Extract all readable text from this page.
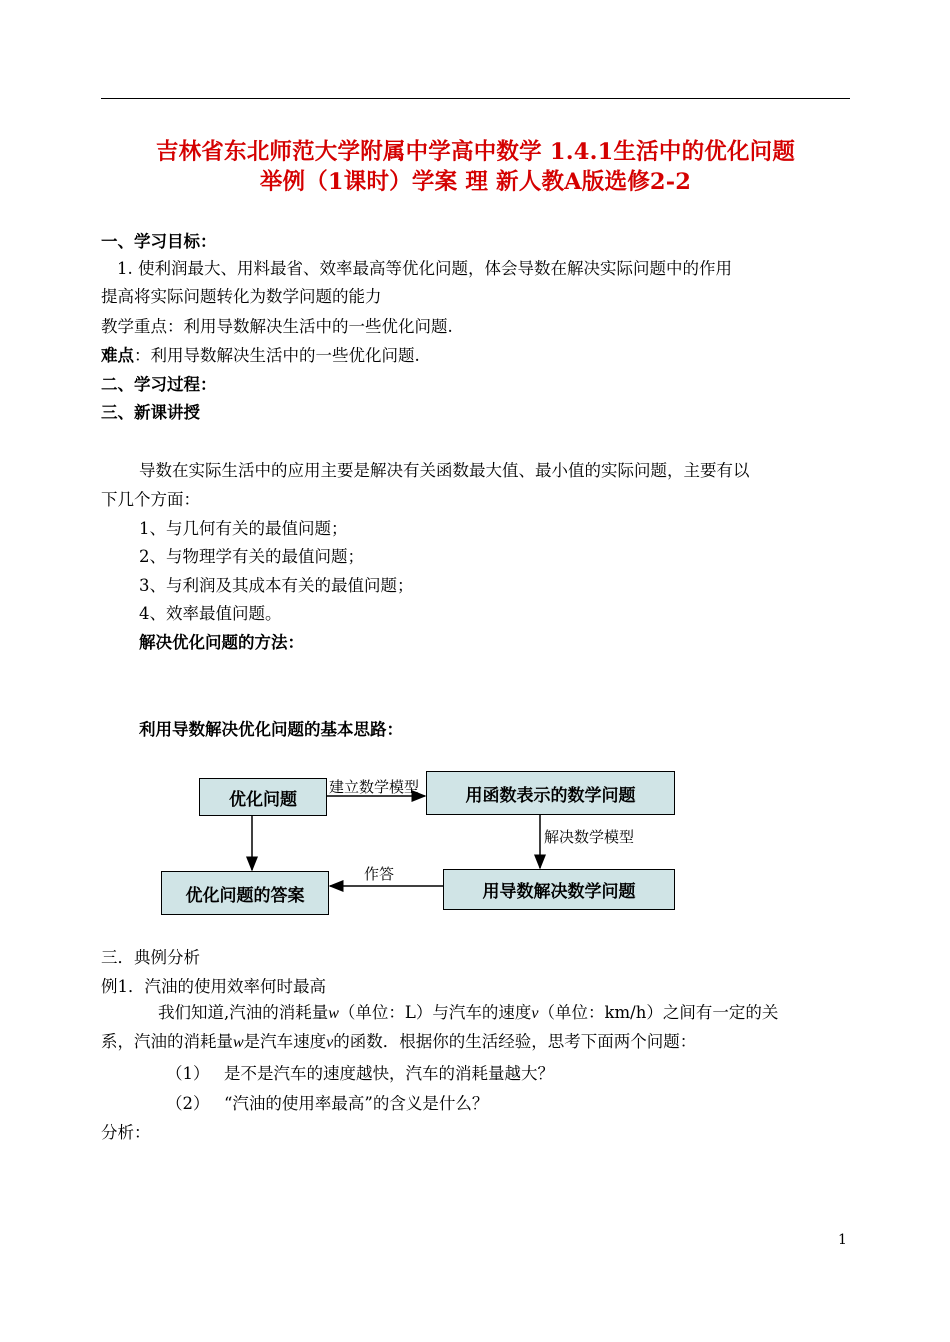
吉林省东北师范大学附属中学高中数学 1.4.1生活中的优化问题
举例（1课时）学案 理 新人教A版选修2-2
一、学习目标：
1. 使利润最大、用料最省、效率最高等优化问题，体会导数在解决实际问题中的作用
提高将实际问题转化为数学问题的能力
教学重点：利用导数解决生活中的一些优化问题.
难点：利用导数解决生活中的一些优化问题.
二、学习过程：
三、新课讲授
导数在实际生活中的应用主要是解决有关函数最大值、最小值的实际问题，主要有以
下几个方面：
1、与几何有关的最值问题；
2、与物理学有关的最值问题；
3、与利润及其成本有关的最值问题；
4、效率最值问题。
解决优化问题的方法：
利用导数解决优化问题的基本思路：
优化问题	用函数表示的数学问题
用导数解决数学问题
优化问题的答案
建立数学模型
解决数学模型
作答
三．典例分析
例1．汽油的使用效率何时最高
我们知道,汽油的消耗量w（单位：L）与汽车的速度v（单位：km/h）之间有一定的关
系，汽油的消耗量w是汽车速度v的函数．根据你的生活经验，思考下面两个问题：
（1） 是不是汽车的速度越快，汽车的消耗量越大？
（2） “汽油的使用率最高”的含义是什么？
分析：
1
